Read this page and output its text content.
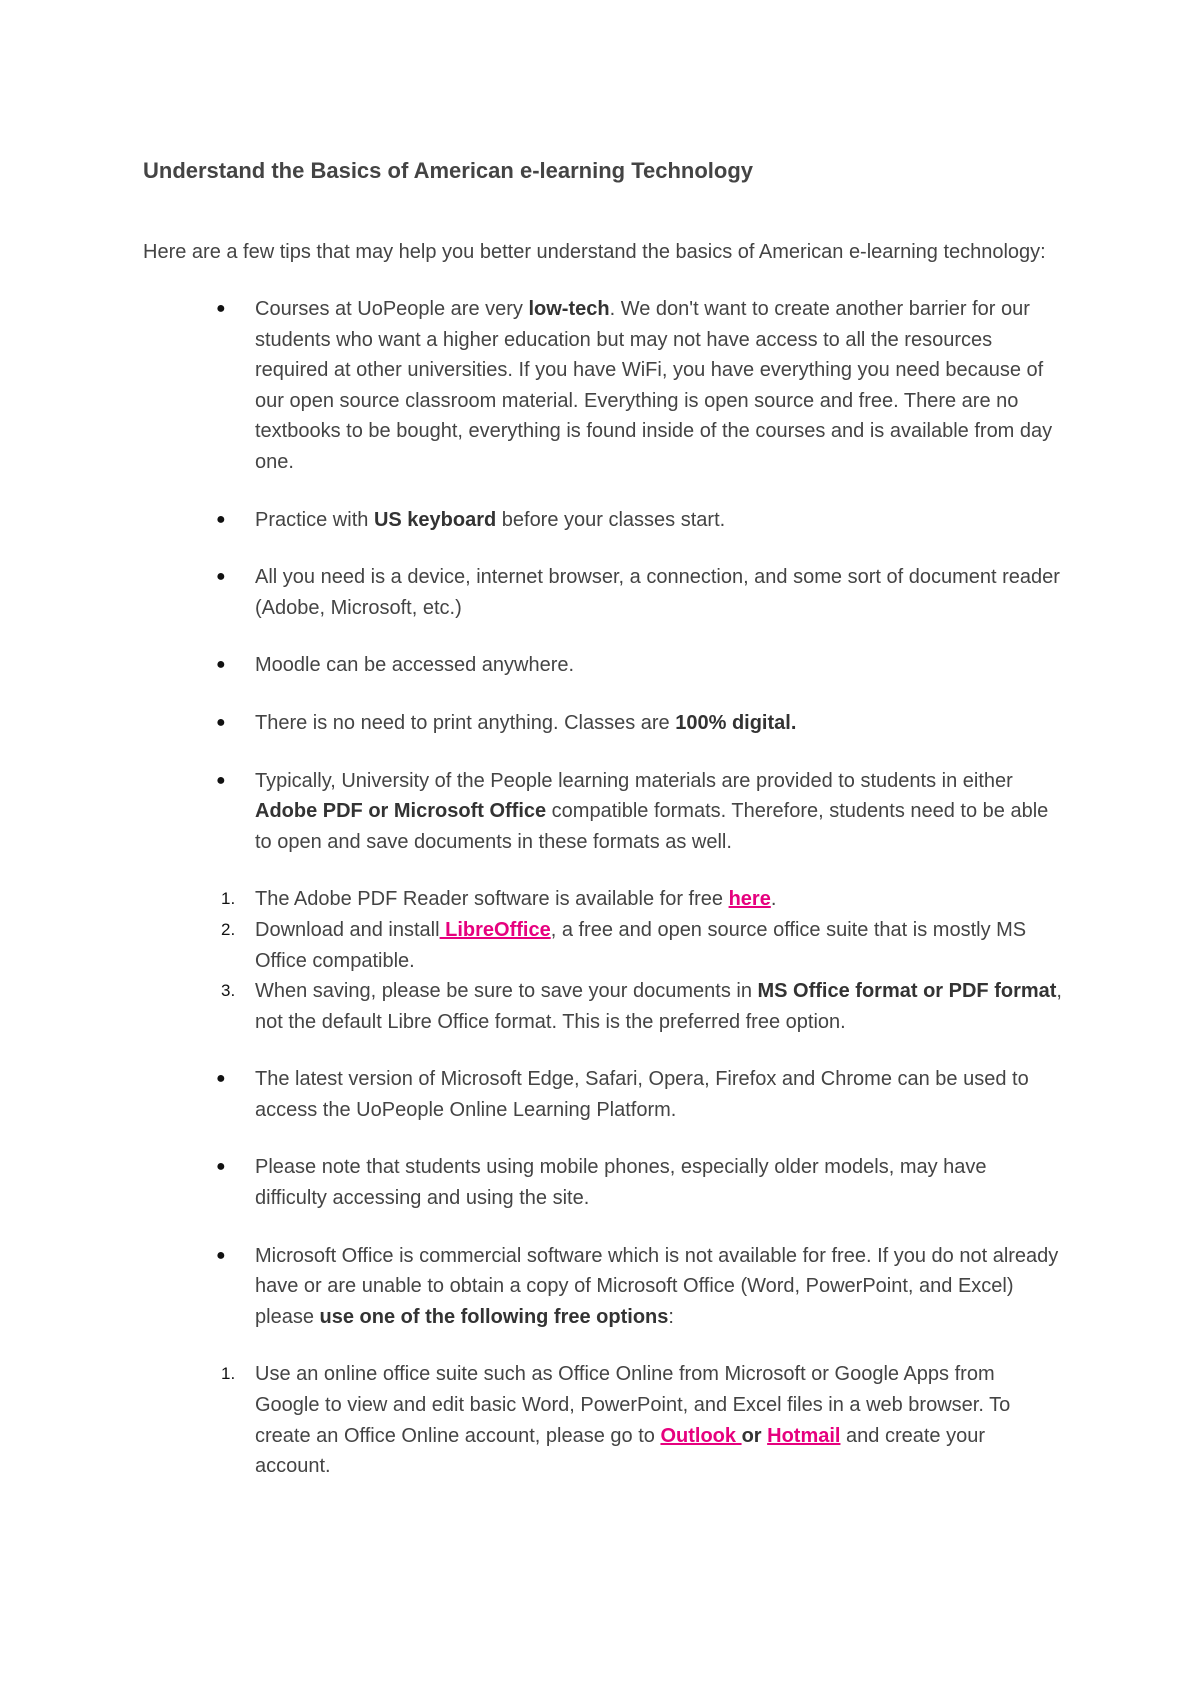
Understand the Basics of American e-learning Technology

Here are a few tips that may help you better understand the basics of American e-learning technology:

● Courses at UoPeople are very low-tech. We don't want to create another barrier for our students who want a higher education but may not have access to all the resources required at other universities. If you have WiFi, you have everything you need because of our open source classroom material. Everything is open source and free. There are no textbooks to be bought, everything is found inside of the courses and is available from day one.
● Practice with US keyboard before your classes start.
● All you need is a device, internet browser, a connection, and some sort of document reader (Adobe, Microsoft, etc.)
● Moodle can be accessed anywhere.
● There is no need to print anything. Classes are 100% digital.
● Typically, University of the People learning materials are provided to students in either Adobe PDF or Microsoft Office compatible formats. Therefore, students need to be able to open and save documents in these formats as well.
1. The Adobe PDF Reader software is available for free here.
2. Download and install LibreOffice, a free and open source office suite that is mostly MS Office compatible.
3. When saving, please be sure to save your documents in MS Office format or PDF format, not the default Libre Office format. This is the preferred free option.
● The latest version of Microsoft Edge, Safari, Opera, Firefox and Chrome can be used to access the UoPeople Online Learning Platform.
● Please note that students using mobile phones, especially older models, may have difficulty accessing and using the site.
● Microsoft Office is commercial software which is not available for free. If you do not already have or are unable to obtain a copy of Microsoft Office (Word, PowerPoint, and Excel) please use one of the following free options:
1. Use an online office suite such as Office Online from Microsoft or Google Apps from Google to view and edit basic Word, PowerPoint, and Excel files in a web browser. To create an Office Online account, please go to Outlook or Hotmail and create your account.
